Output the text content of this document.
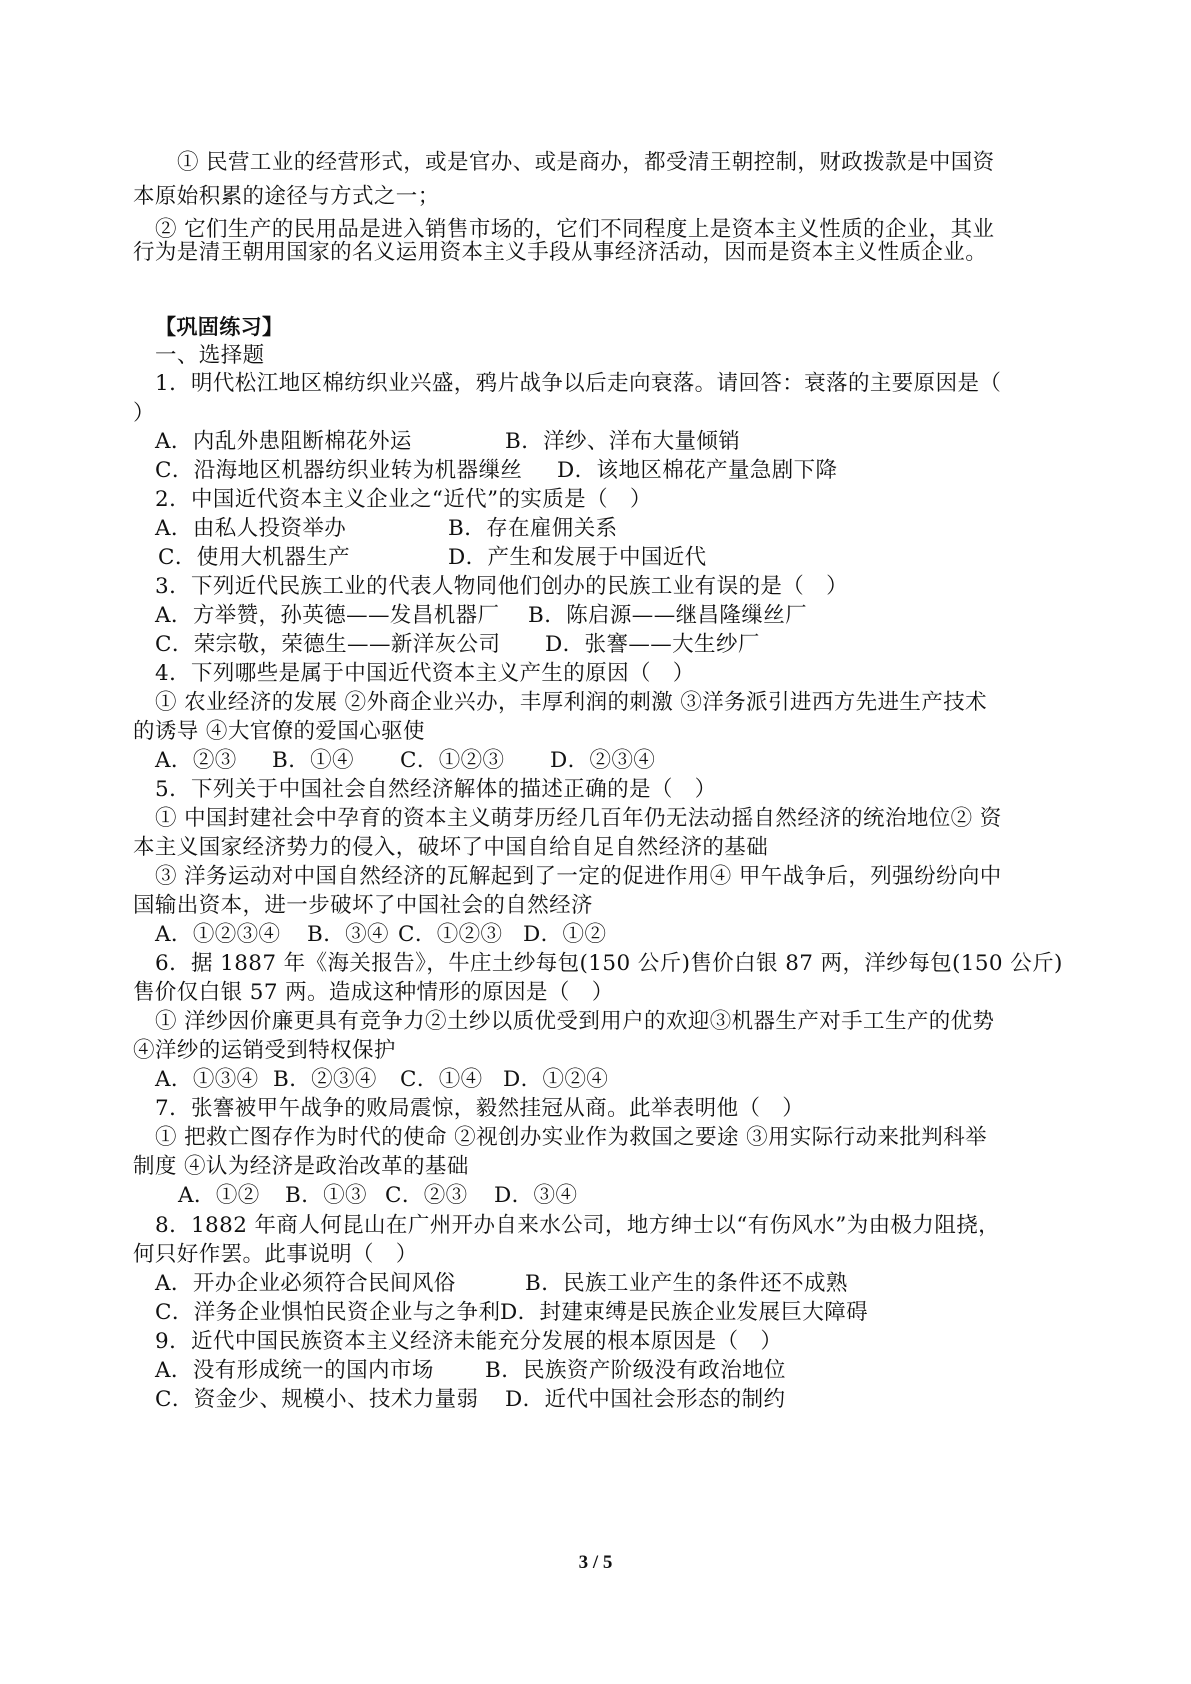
① 民营工业的经营形式，或是官办、或是商办，都受清王朝控制，财政拨款是中国资
本原始积累的途径与方式之一；
② 它们生产的民用品是进入销售市场的，它们不同程度上是资本主义性质的企业，其业
行为是清王朝用国家的名义运用资本主义手段从事经济活动，因而是资本主义性质企业。
【巩固练习】
一、选择题
1．明代松江地区棉纺织业兴盛，鸦片战争以后走向衰落。请回答：衰落的主要原因是（
）
A．内乱外患阻断棉花外运	B．洋纱、洋布大量倾销
C．沿海地区机器纺织业转为机器缫丝 D．该地区棉花产量急剧下降
2．中国近代资本主义企业之“近代”的实质是（　）
A．由私人投资举办	B．存在雇佣关系
C．使用大机器生产	D．产生和发展于中国近代
3．下列近代民族工业的代表人物同他们创办的民族工业有误的是（　）
A．方举赞，孙英德——发昌机器厂 B．陈启源——继昌隆缫丝厂
C．荣宗敬，荣德生——新洋灰公司 D．张謇——大生纱厂
4．下列哪些是属于中国近代资本主义产生的原因（　）
① 农业经济的发展 ②外商企业兴办，丰厚利润的刺激 ③洋务派引进西方先进生产技术
的诱导 ④大官僚的爱国心驱使
A．②③ B．①④ C．①②③ D．②③④
5．下列关于中国社会自然经济解体的描述正确的是（　）
① 中国封建社会中孕育的资本主义萌芽历经几百年仍无法动摇自然经济的统治地位② 资
本主义国家经济势力的侵入，破坏了中国自给自足自然经济的基础
③ 洋务运动对中国自然经济的瓦解起到了一定的促进作用④ 甲午战争后，列强纷纷向中
国输出资本，进一步破坏了中国社会的自然经济
A．①②③④ B．③④ C．①②③ D．①②
6．据 1887 年《海关报告》，牛庄土纱每包(150 公斤)售价白银 87 两，洋纱每包(150 公斤)
售价仅白银 57 两。造成这种情形的原因是（　）
① 洋纱因价廉更具有竞争力②土纱以质优受到用户的欢迎③机器生产对手工生产的优势
④洋纱的运销受到特权保护
A．①③④ B．②③④ C．①④ D．①②④
7．张謇被甲午战争的败局震惊，毅然挂冠从商。此举表明他（　）
① 把救亡图存作为时代的使命 ②视创办实业作为救国之要途 ③用实际行动来批判科举
制度 ④认为经济是政治改革的基础
A．①② B．①③ C．②③ D．③④
8．1882 年商人何昆山在广州开办自来水公司，地方绅士以“有伤风水”为由极力阻挠，
何只好作罢。此事说明（　）
A．开办企业必须符合民间风俗	B．民族工业产生的条件还不成熟
C．洋务企业惧怕民资企业与之争利 D．封建束缚是民族企业发展巨大障碍
9．近代中国民族资本主义经济未能充分发展的根本原因是（　）
A．没有形成统一的国内市场 B．民族资产阶级没有政治地位
C．资金少、规模小、技术力量弱 D．近代中国社会形态的制约
3 / 5
